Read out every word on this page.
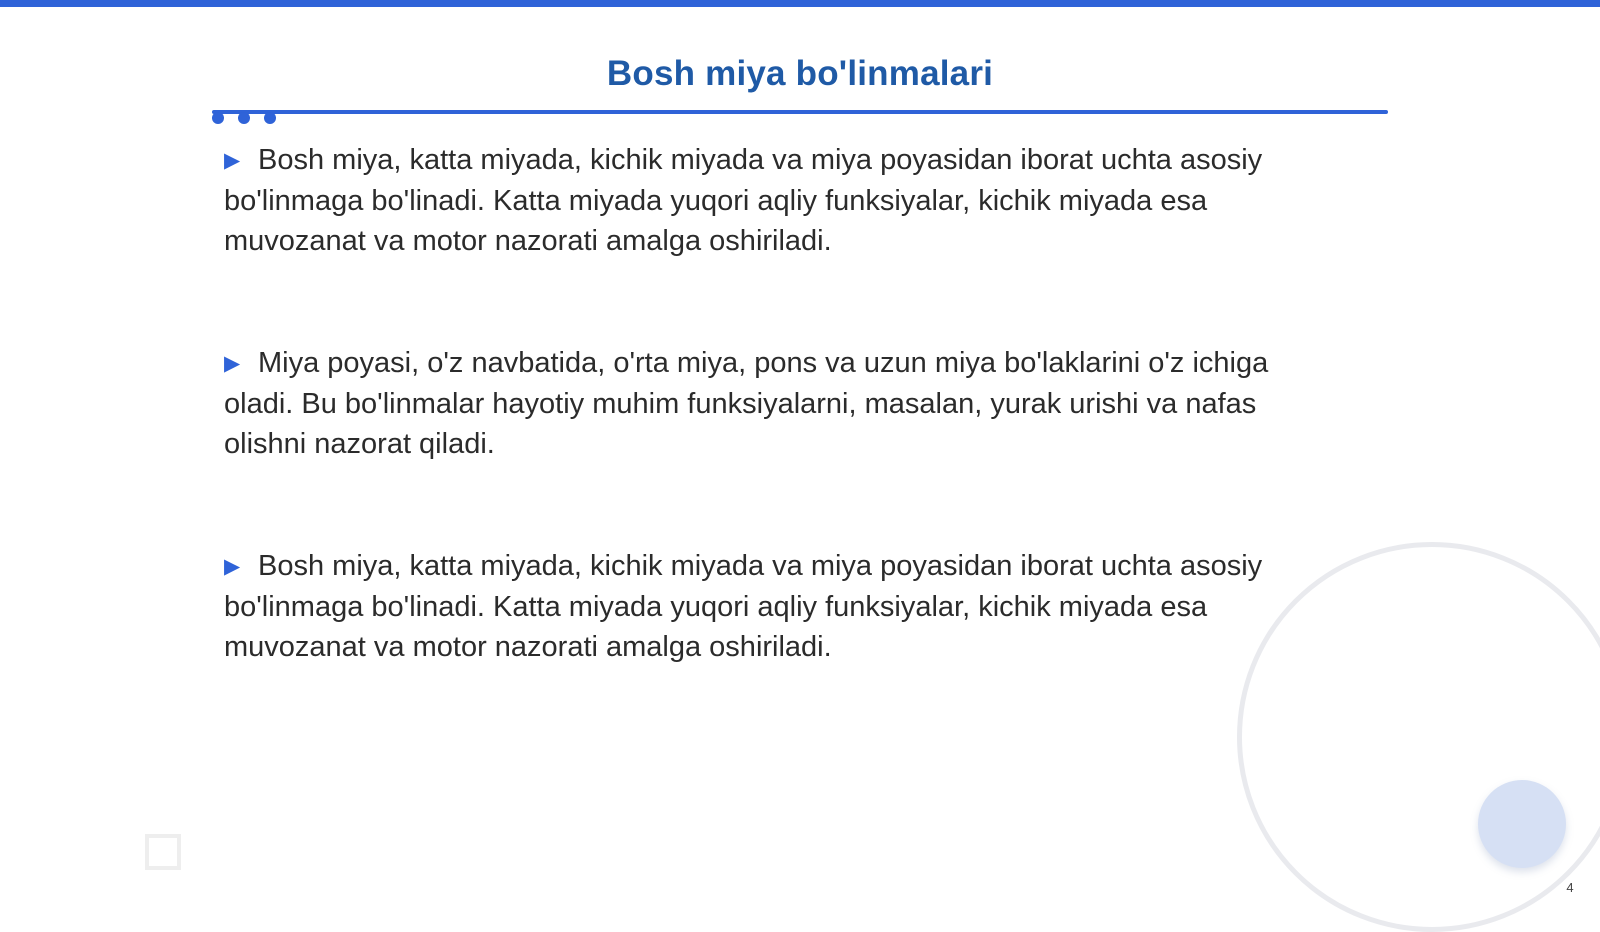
Bosh miya bo'linmalari

▶ Bosh miya, katta miyada, kichik miyada va miya poyasidan iborat uchta asosiy bo'linmaga bo'linadi. Katta miyada yuqori aqliy funksiyalar, kichik miyada esa muvozanat va motor nazorati amalga oshiriladi.

▶ Miya poyasi, o'z navbatida, o'rta miya, pons va uzun miya bo'laklarini o'z ichiga oladi. Bu bo'linmalar hayotiy muhim funksiyalarni, masalan, yurak urishi va nafas olishni nazorat qiladi.

▶ Bosh miya, katta miyada, kichik miyada va miya poyasidan iborat uchta asosiy bo'linmaga bo'linadi. Katta miyada yuqori aqliy funksiyalar, kichik miyada esa muvozanat va motor nazorati amalga oshiriladi.

4
